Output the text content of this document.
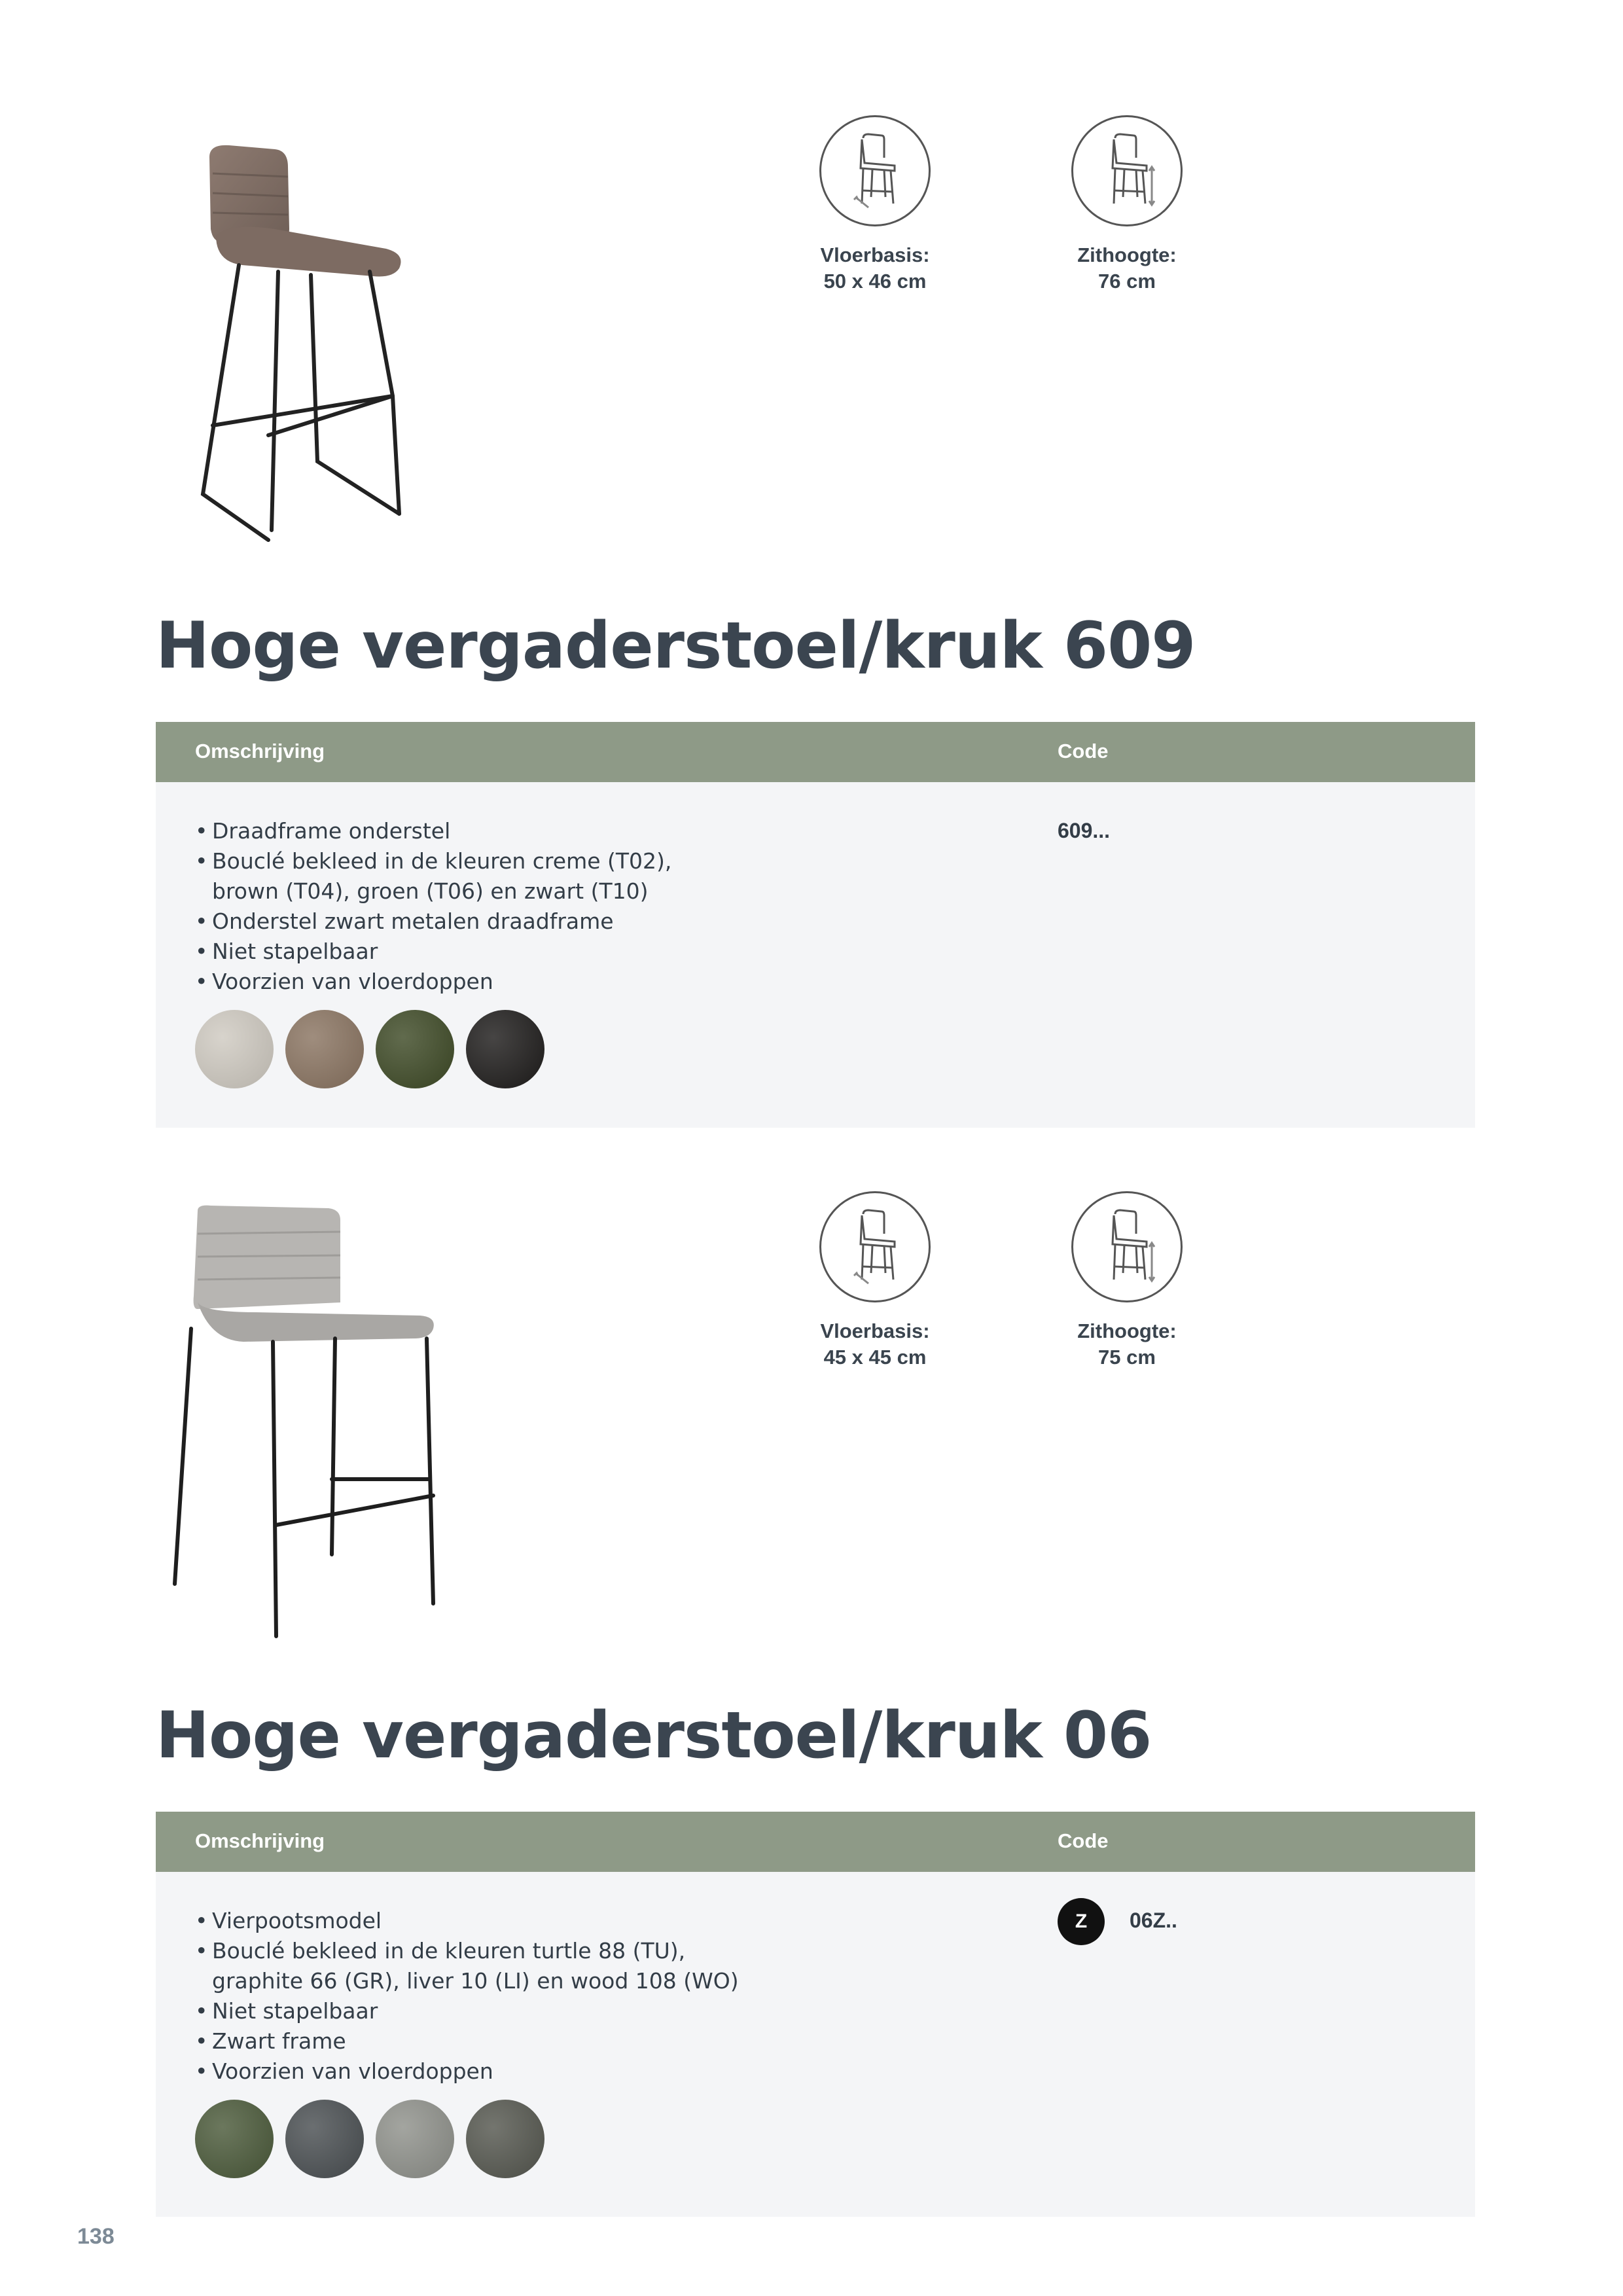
Vloerbasis:
50 x 46 cm
Zithoogte:
76 cm
Hoge vergaderstoel/kruk 609
Omschrijving	Code
• Draadframe onderstel
• Bouclé bekleed in de kleuren creme (T02),
brown (T04), groen (T06) en zwart (T10)
• Onderstel zwart metalen draadframe
• Niet stapelbaar
• Voorzien van vloerdoppen
609...
Vloerbasis:
45 x 45 cm
Zithoogte:
75 cm
Hoge vergaderstoel/kruk 06
Omschrijving	Code
• Vierpootsmodel
• Bouclé bekleed in de kleuren turtle 88 (TU),
graphite 66 (GR), liver 10 (LI) en wood 108 (WO)
• Niet stapelbaar
• Zwart frame
• Voorzien van vloerdoppen
Z	06Z..
138
